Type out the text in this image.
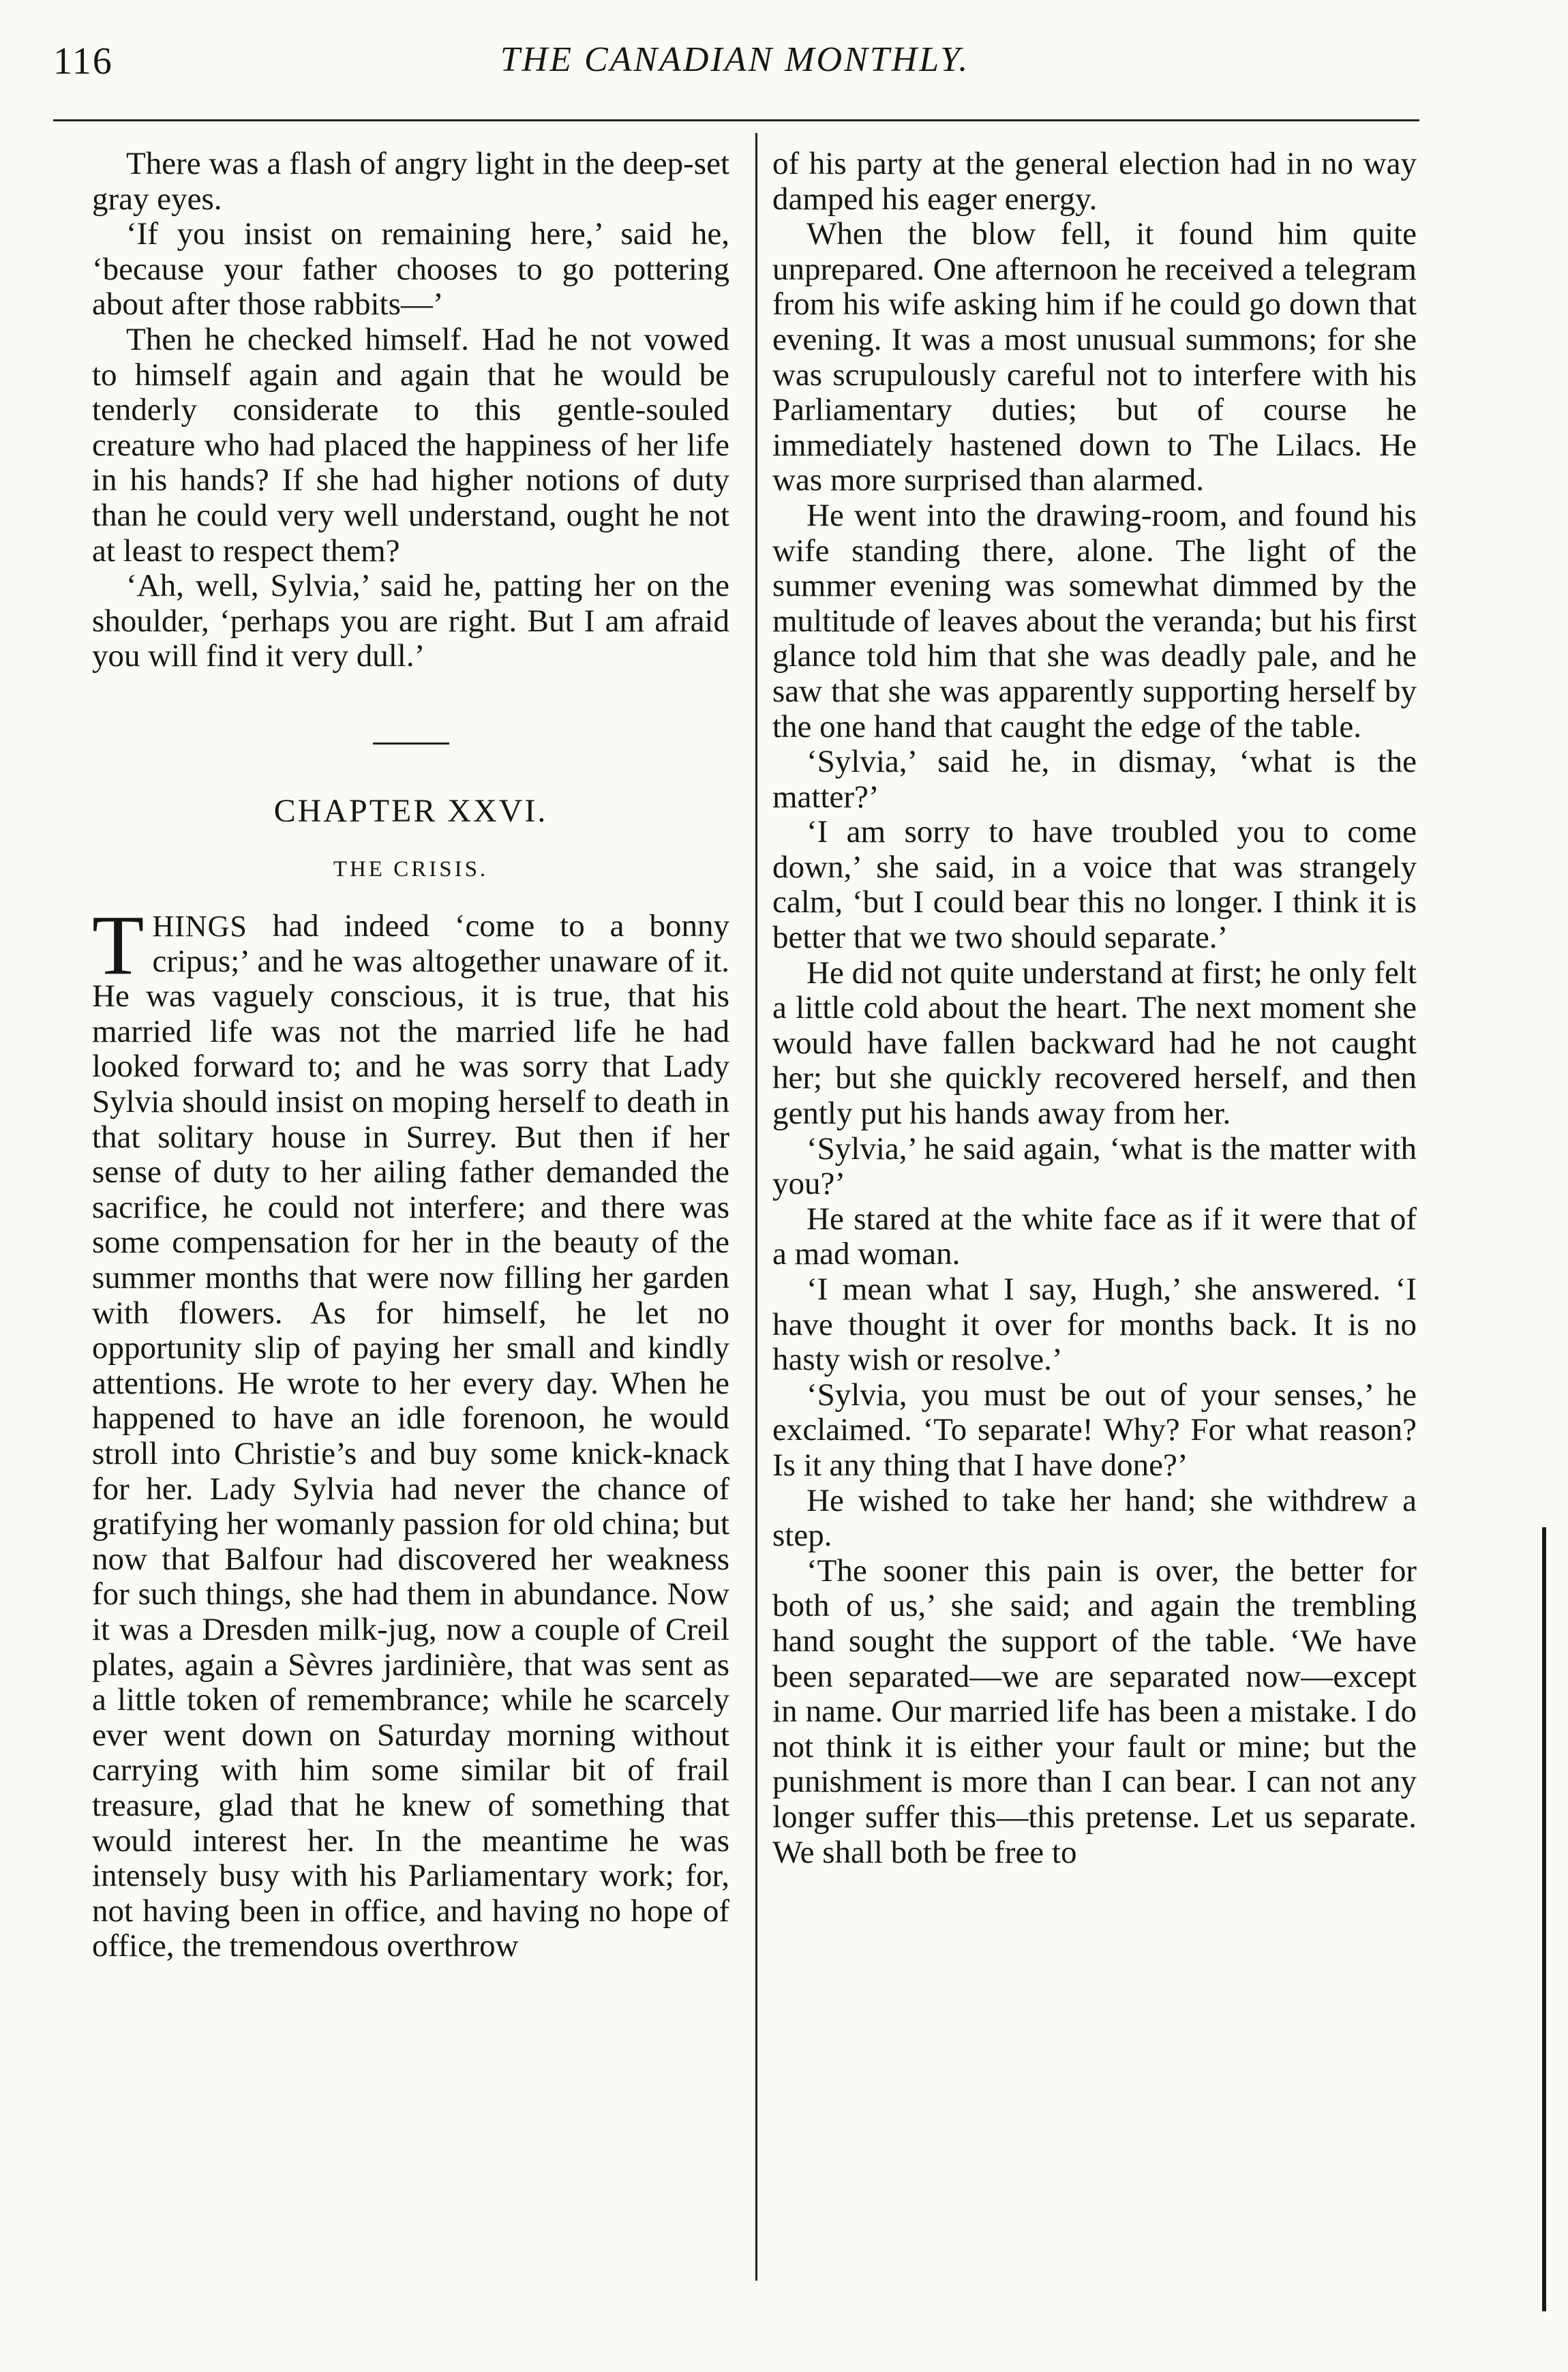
116	THE CANADIAN MONTHLY.

There was a flash of angry light in the deep-set gray eyes.

‘If you insist on remaining here,’ said he, ‘because your father chooses to go pottering about after those rabbits—’

Then he checked himself. Had he not vowed to himself again and again that he would be tenderly considerate to this gentle-souled creature who had placed the happiness of her life in his hands? If she had higher notions of duty than he could very well understand, ought he not at least to respect them?

‘Ah, well, Sylvia,’ said he, patting her on the shoulder, ‘perhaps you are right. But I am afraid you will find it very dull.’

CHAPTER XXVI.
THE CRISIS.

THINGS had indeed ‘come to a bonny cripus;’ and he was altogether unaware of it. He was vaguely conscious, it is true, that his married life was not the married life he had looked forward to; and he was sorry that Lady Sylvia should insist on moping herself to death in that solitary house in Surrey. But then if her sense of duty to her ailing father demanded the sacrifice, he could not interfere; and there was some compensation for her in the beauty of the summer months that were now filling her garden with flowers. As for himself, he let no opportunity slip of paying her small and kindly attentions. He wrote to her every day. When he happened to have an idle forenoon, he would stroll into Christie’s and buy some knick-knack for her. Lady Sylvia had never the chance of gratifying her womanly passion for old china; but now that Balfour had discovered her weakness for such things, she had them in abundance. Now it was a Dresden milk-jug, now a couple of Creil plates, again a Sèvres jardinière, that was sent as a little token of remembrance; while he scarcely ever went down on Saturday morning without carrying with him some similar bit of frail treasure, glad that he knew of something that would interest her. In the meantime he was intensely busy with his Parliamentary work; for, not having been in office, and having no hope of office, the tremendous overthrow

of his party at the general election had in no way damped his eager energy.

When the blow fell, it found him quite unprepared. One afternoon he received a telegram from his wife asking him if he could go down that evening. It was a most unusual summons; for she was scrupulously careful not to interfere with his Parliamentary duties; but of course he immediately hastened down to The Lilacs. He was more surprised than alarmed.

He went into the drawing-room, and found his wife standing there, alone. The light of the summer evening was somewhat dimmed by the multitude of leaves about the veranda; but his first glance told him that she was deadly pale, and he saw that she was apparently supporting herself by the one hand that caught the edge of the table.

‘Sylvia,’ said he, in dismay, ‘what is the matter?’

‘I am sorry to have troubled you to come down,’ she said, in a voice that was strangely calm, ‘but I could bear this no longer. I think it is better that we two should separate.’

He did not quite understand at first; he only felt a little cold about the heart. The next moment she would have fallen backward had he not caught her; but she quickly recovered herself, and then gently put his hands away from her.

‘Sylvia,’ he said again, ‘what is the matter with you?’

He stared at the white face as if it were that of a mad woman.

‘I mean what I say, Hugh,’ she answered. ‘I have thought it over for months back. It is no hasty wish or resolve.’

‘Sylvia, you must be out of your senses,’ he exclaimed. ‘To separate! Why? For what reason? Is it any thing that I have done?’

He wished to take her hand; she withdrew a step.

‘The sooner this pain is over, the better for both of us,’ she said; and again the trembling hand sought the support of the table. ‘We have been separated—we are separated now—except in name. Our married life has been a mistake. I do not think it is either your fault or mine; but the punishment is more than I can bear. I can not any longer suffer this—this pretense. Let us separate. We shall both be free to
